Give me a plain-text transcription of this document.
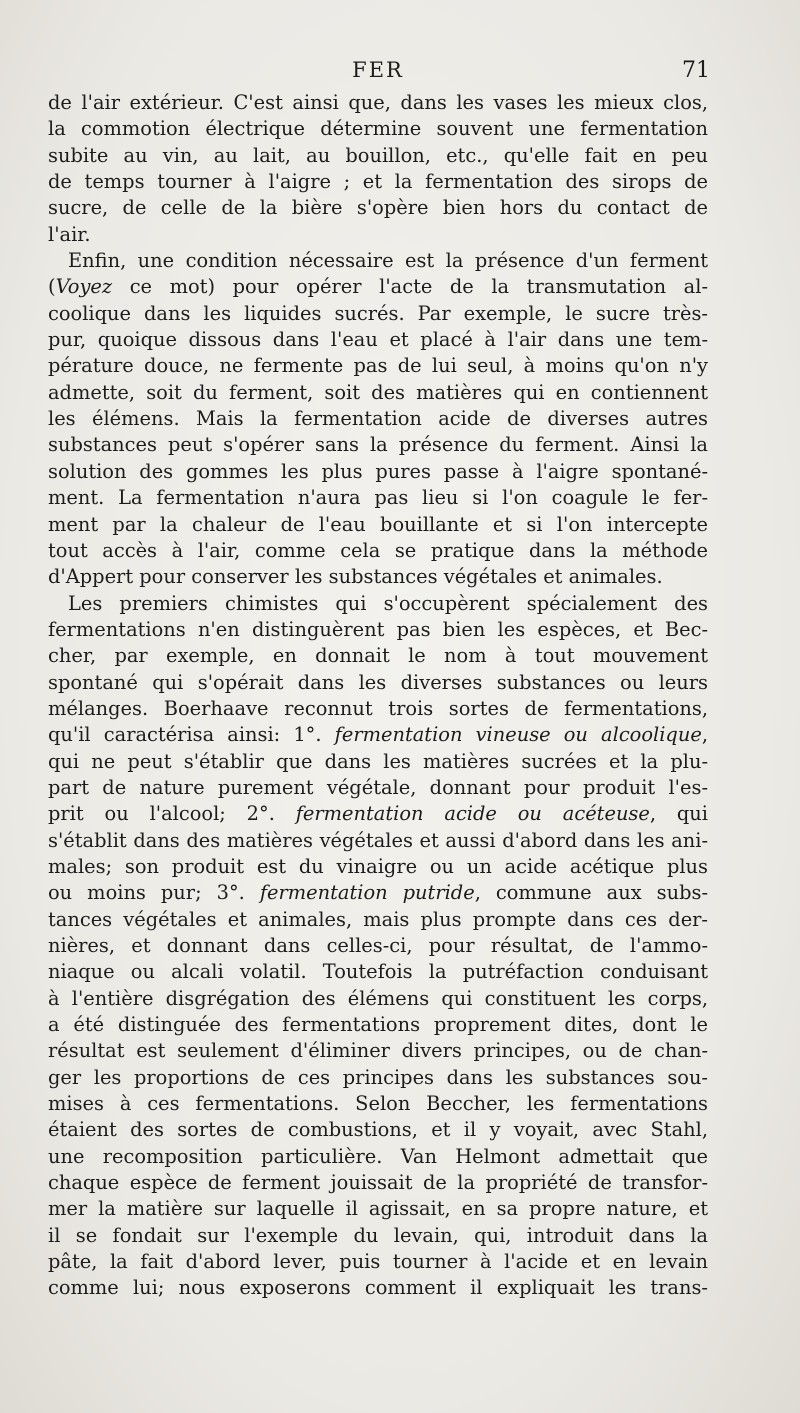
FER	71
de l'air extérieur. C'est ainsi que, dans les vases les mieux clos,
la commotion électrique détermine souvent une fermentation
subite au vin, au lait, au bouillon, etc., qu'elle fait en peu
de temps tourner à l'aigre ; et la fermentation des sirops de
sucre, de celle de la bière s'opère bien hors du contact de
l'air.
Enfin, une condition nécessaire est la présence d'un ferment
(Voyez ce mot) pour opérer l'acte de la transmutation al-
coolique dans les liquides sucrés. Par exemple, le sucre très-
pur, quoique dissous dans l'eau et placé à l'air dans une tem-
pérature douce, ne fermente pas de lui seul, à moins qu'on n'y
admette, soit du ferment, soit des matières qui en contiennent
les élémens. Mais la fermentation acide de diverses autres
substances peut s'opérer sans la présence du ferment. Ainsi la
solution des gommes les plus pures passe à l'aigre spontané-
ment. La fermentation n'aura pas lieu si l'on coagule le fer-
ment par la chaleur de l'eau bouillante et si l'on intercepte
tout accès à l'air, comme cela se pratique dans la méthode
d'Appert pour conserver les substances végétales et animales.
Les premiers chimistes qui s'occupèrent spécialement des
fermentations n'en distinguèrent pas bien les espèces, et Bec-
cher, par exemple, en donnait le nom à tout mouvement
spontané qui s'opérait dans les diverses substances ou leurs
mélanges. Boerhaave reconnut trois sortes de fermentations,
qu'il caractérisa ainsi: 1°. fermentation vineuse ou alcoolique,
qui ne peut s'établir que dans les matières sucrées et la plu-
part de nature purement végétale, donnant pour produit l'es-
prit ou l'alcool; 2°. fermentation acide ou acéteuse, qui
s'établit dans des matières végétales et aussi d'abord dans les ani-
males; son produit est du vinaigre ou un acide acétique plus
ou moins pur; 3°. fermentation putride, commune aux subs-
tances végétales et animales, mais plus prompte dans ces der-
nières, et donnant dans celles-ci, pour résultat, de l'ammo-
niaque ou alcali volatil. Toutefois la putréfaction conduisant
à l'entière disgrégation des élémens qui constituent les corps,
a été distinguée des fermentations proprement dites, dont le
résultat est seulement d'éliminer divers principes, ou de chan-
ger les proportions de ces principes dans les substances sou-
mises à ces fermentations. Selon Beccher, les fermentations
étaient des sortes de combustions, et il y voyait, avec Stahl,
une recomposition particulière. Van Helmont admettait que
chaque espèce de ferment jouissait de la propriété de transfor-
mer la matière sur laquelle il agissait, en sa propre nature, et
il se fondait sur l'exemple du levain, qui, introduit dans la
pâte, la fait d'abord lever, puis tourner à l'acide et en levain
comme lui; nous exposerons comment il expliquait les trans-
